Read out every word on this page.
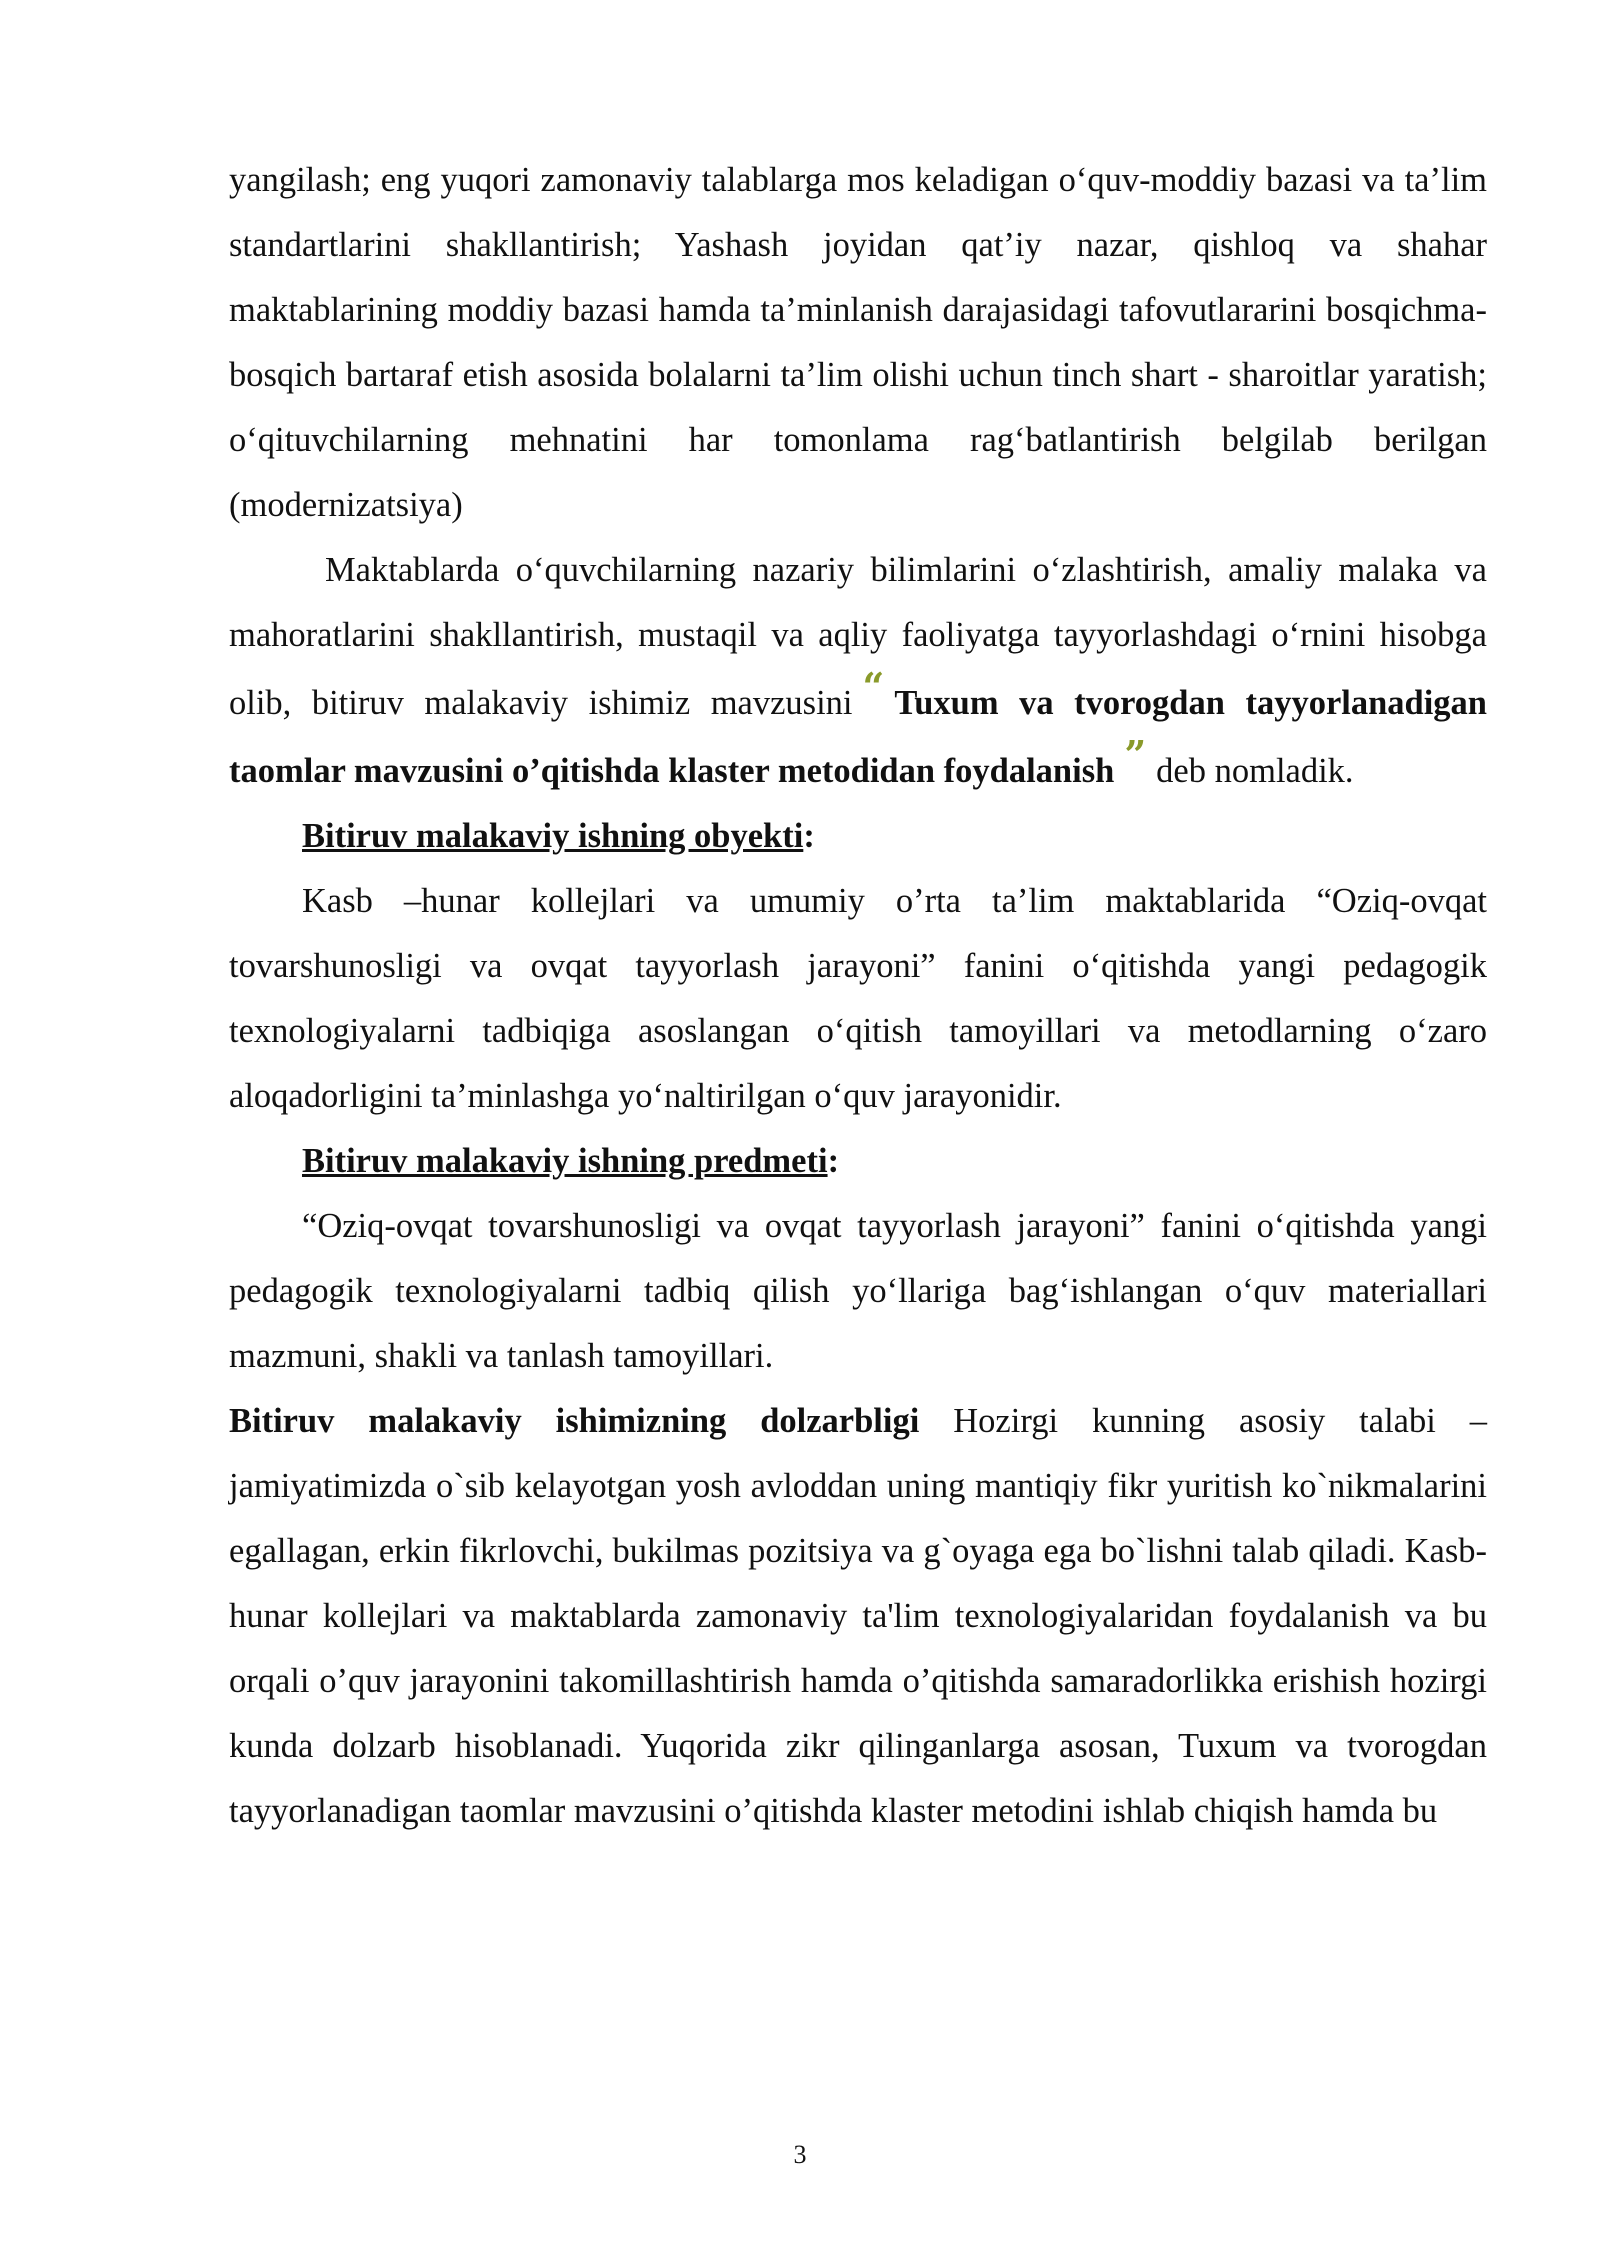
yangilash; eng yuqori zamonaviy talablarga mos keladigan o‘quv-moddiy bazasi va ta’lim standartlarini shakllantirish; Yashash joyidan qat’iy nazar, qishloq va shahar maktablarining moddiy bazasi hamda ta’minlanish darajasidagi tafovutlararini bosqichma-bosqich bartaraf etish asosida bolalarni ta’lim olishi uchun tinch shart - sharoitlar yaratish; o‘qituvchilarning mehnatini har tomonlama rag‘batlantirish belgilab berilgan (modernizatsiya)

Maktablarda o‘quvchilarning nazariy bilimlarini o‘zlashtirish, amaliy malaka va mahoratlarini shakllantirish, mustaqil va aqliy faoliyatga tayyorlashdagi o‘rnini hisobga olib, bitiruv malakaviy ishimiz mavzusini “ Tuxum va tvorogdan tayyorlanadigan taomlar mavzusini o’qitishda klaster metodidan foydalanish ” deb nomladik.

Bitiruv malakaviy ishning obyekti:

Kasb –hunar kollejlari va umumiy o’rta ta’lim maktablarida “Oziq-ovqat tovarshunosligi va ovqat tayyorlash jarayoni” fanini o‘qitishda yangi pedagogik texnologiyalarni tadbiqiga asoslangan o‘qitish tamoyillari va metodlarning o‘zaro aloqadorligini ta’minlashga yo‘naltirilgan o‘quv jarayonidir.

Bitiruv malakaviy ishning predmeti:

“Oziq-ovqat tovarshunosligi va ovqat tayyorlash jarayoni” fanini o‘qitishda yangi pedagogik texnologiyalarni tadbiq qilish yo‘llariga bag‘ishlangan o‘quv materiallari mazmuni, shakli va tanlash tamoyillari.

Bitiruv malakaviy ishimizning dolzarbligi Hozirgi kunning asosiy talabi – jamiyatimizda o`sib kelayotgan yosh avloddan uning mantiqiy fikr yuritish ko`nikmalarini egallagan, erkin fikrlovchi, bukilmas pozitsiya va g`oyaga ega bo`lishni talab qiladi. Kasb-hunar kollejlari va maktablarda zamonaviy ta'lim texnologiyalaridan foydalanish va bu orqali o’quv jarayonini takomillashtirish hamda o’qitishda samaradorlikka erishish hozirgi kunda dolzarb hisoblanadi. Yuqorida zikr qilinganlarga asosan, Tuxum va tvorogdan tayyorlanadigan taomlar mavzusini o’qitishda klaster metodini ishlab chiqish hamda bu

3
